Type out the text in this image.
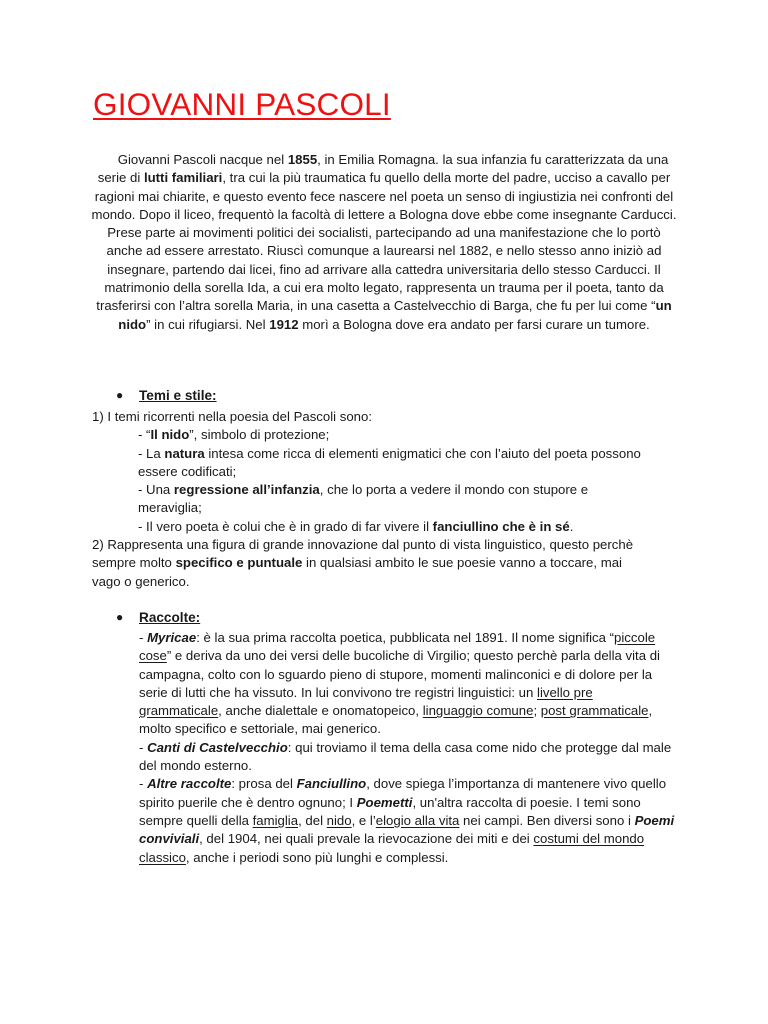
GIOVANNI PASCOLI

Giovanni Pascoli nacque nel 1855, in Emilia Romagna. la sua infanzia fu caratterizzata da una serie di lutti familiari, tra cui la più traumatica fu quello della morte del padre, ucciso a cavallo per ragioni mai chiarite, e questo evento fece nascere nel poeta un senso di ingiustizia nei confronti del mondo. Dopo il liceo, frequentò la facoltà di lettere a Bologna dove ebbe come insegnante Carducci. Prese parte ai movimenti politici dei socialisti, partecipando ad una manifestazione che lo portò anche ad essere arrestato. Riuscì comunque a laurearsi nel 1882, e nello stesso anno iniziò ad insegnare, partendo dai licei, fino ad arrivare alla cattedra universitaria dello stesso Carducci. Il matrimonio della sorella Ida, a cui era molto legato, rappresenta un trauma per il poeta, tanto da trasferirsi con l’altra sorella Maria, in una casetta a Castelvecchio di Barga, che fu per lui come “un nido” in cui rifugiarsi. Nel 1912 morì a Bologna dove era andato per farsi curare un tumore.

● Temi e stile:

1) I temi ricorrenti nella poesia del Pascoli sono:

- “Il nido”, simbolo di protezione;

- La natura intesa come ricca di elementi enigmatici che con l’aiuto del poeta possono essere codificati;

- Una regressione all’infanzia, che lo porta a vedere il mondo con stupore e meraviglia;

- Il vero poeta è colui che è in grado di far vivere il fanciullino che è in sé.

2) Rappresenta una figura di grande innovazione dal punto di vista linguistico, questo perchè sempre molto specifico e puntuale in qualsiasi ambito le sue poesie vanno a toccare, mai vago o generico.

● Raccolte:

- Myricae: è la sua prima raccolta poetica, pubblicata nel 1891. Il nome significa “piccole cose” e deriva da uno dei versi delle bucoliche di Virgilio; questo perchè parla della vita di campagna, colto con lo sguardo pieno di stupore, momenti malinconici e di dolore per la serie di lutti che ha vissuto. In lui convivono tre registri linguistici: un livello pre grammaticale, anche dialettale e onomatopeico, linguaggio comune; post grammaticale, molto specifico e settoriale, mai generico.

- Canti di Castelvecchio: qui troviamo il tema della casa come nido che protegge dal male del mondo esterno.

- Altre raccolte: prosa del Fanciullino, dove spiega l’importanza di mantenere vivo quello spirito puerile che è dentro ognuno; I Poemetti, un'altra raccolta di poesie. I temi sono sempre quelli della famiglia, del nido, e l’elogio alla vita nei campi. Ben diversi sono i Poemi conviviali, del 1904, nei quali prevale la rievocazione dei miti e dei costumi del mondo classico, anche i periodi sono più lunghi e complessi.
